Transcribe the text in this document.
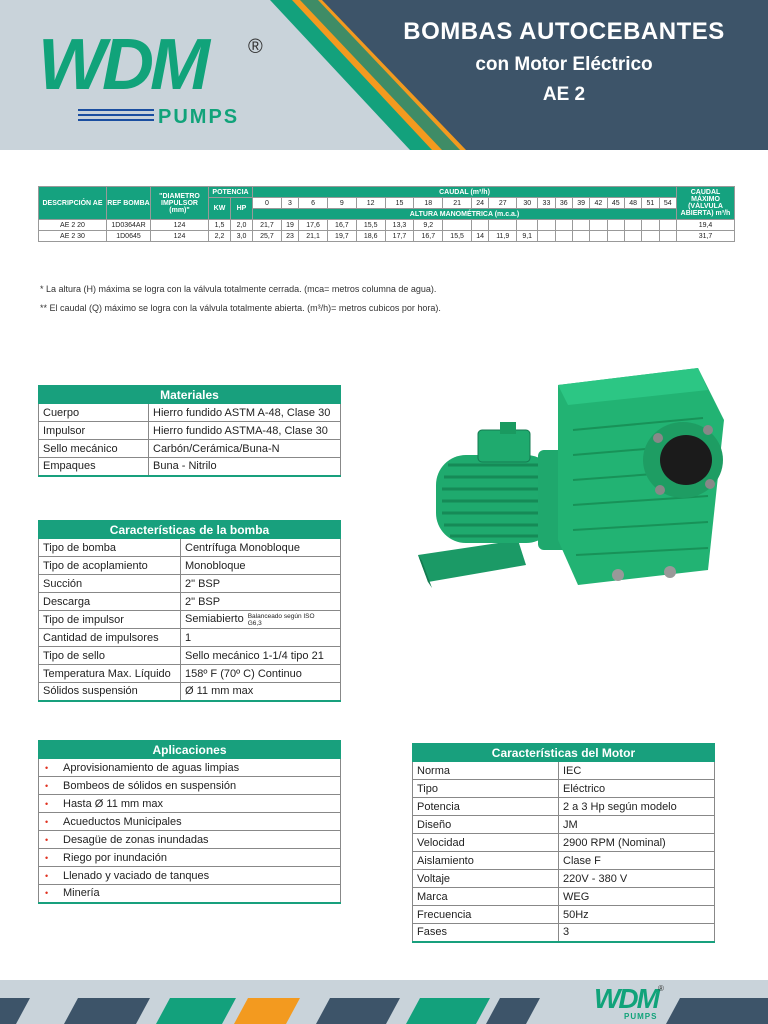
WDM	®
PUMPS
BOMBAS AUTOCEBANTES
con Motor Eléctrico
AE 2
DESCRIPCIÓN AE	REF BOMBA	"DIAMETRO IMPULSOR (mm)"	POTENCIA		CAUDAL (m³/h)																			CAUDAL MÁXIMO (VÁLVULA ABIERTA) m³/h
			KW	HP	0	3	6	9	12	15	18	21	24	27	30	33	36	39	42	45	48	51	54	
					ALTURA MANOMÉTRICA (m.c.a.)																			
AE 2 20	1D0364AR	124	1,5	2,0	21,7	19	17,6	16,7	15,5	13,3	9,2													19,4
AE 2 30	1D0645	124	2,2	3,0	25,7	23	21,1	19,7	18,6	17,7	16,7	15,5	14	11,9	9,1									31,7
* La altura (H) máxima se logra con la válvula totalmente cerrada. (mca= metros columna de agua).
** El caudal (Q) máximo se logra con la válvula totalmente abierta. (m³/h)= metros cubicos por hora).
Materiales	
Cuerpo	Hierro fundido ASTM A-48, Clase 30
Impulsor	Hierro fundido ASTMA-48, Clase 30
Sello mecánico	Carbón/Cerámica/Buna-N
Empaques	Buna - Nitrilo
Características de la bomba	
Tipo de bomba	Centrífuga Monobloque
Tipo de acoplamiento	Monobloque
Succión	2" BSP
Descarga	2" BSP
Tipo de impulsor	Semiabierto Balanceado según ISO G6,3
Cantidad de impulsores	1
Tipo de sello	Sello mecánico 1-1/4 tipo 21
Temperatura Max. Líquido	158º F (70º C) Continuo
Sólidos suspensión	Ø 11 mm max
Aplicaciones
• Aprovisionamiento de aguas limpias
• Bombeos de sólidos en suspensión
• Hasta Ø 11 mm max
• Acueductos Municipales
• Desagüe de zonas inundadas
• Riego por inundación
• Llenado y vaciado de tanques
• Minería
Características del Motor	
Norma	IEC
Tipo	Eléctrico
Potencia	2 a 3 Hp según modelo
Diseño	JM
Velocidad	2900 RPM (Nominal)
Aislamiento	Clase F
Voltaje	220V - 380 V
Marca	WEG
Frecuencia	50Hz
Fases	3
WDM ®
PUMPS
